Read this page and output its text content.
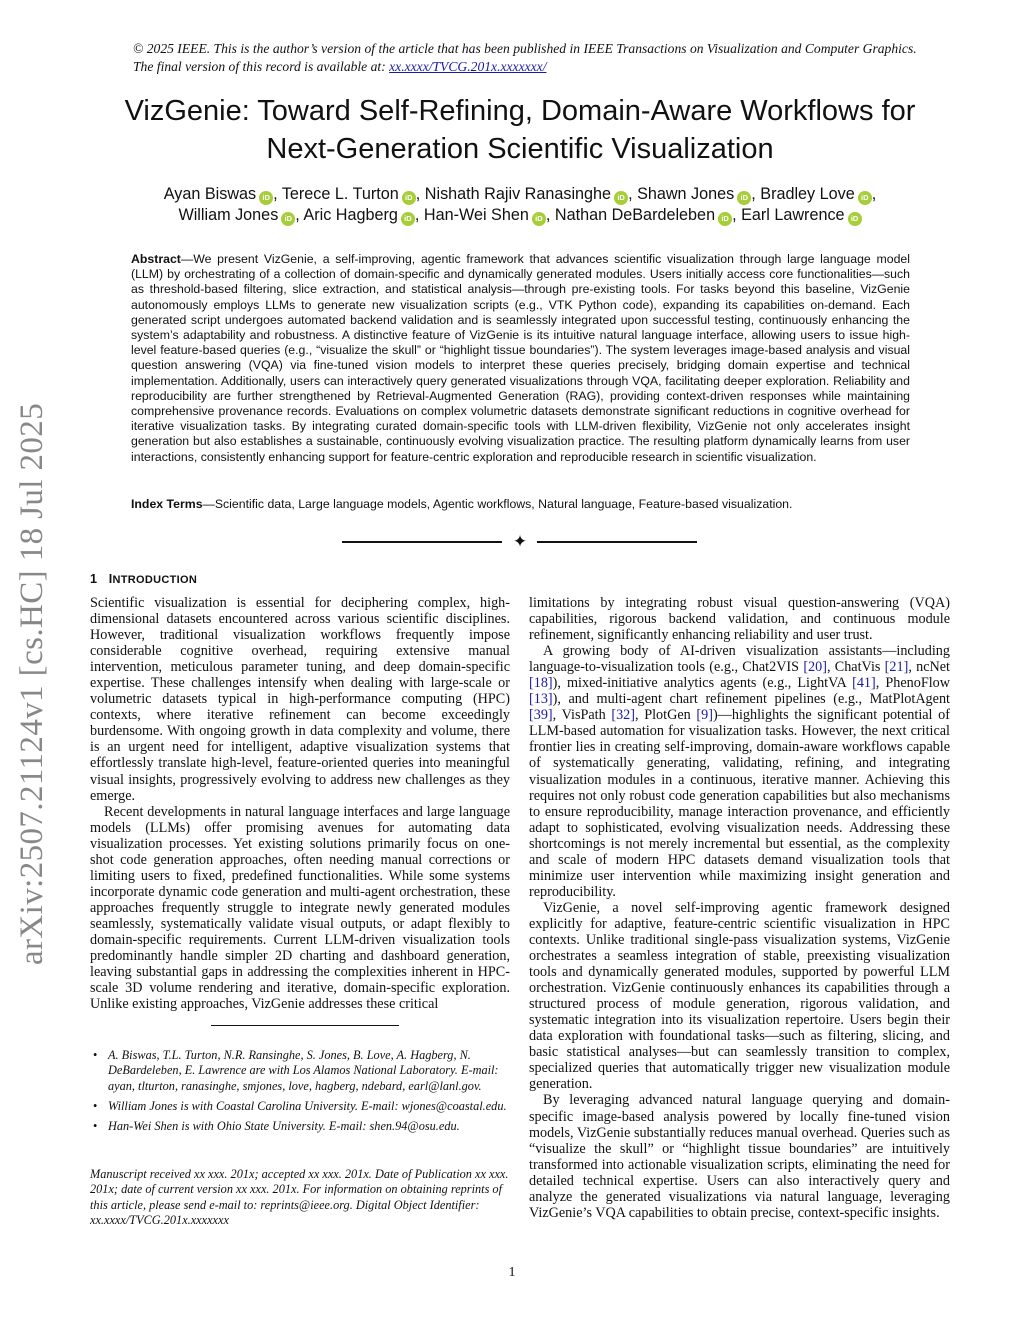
© 2025 IEEE. This is the author’s version of the article that has been published in IEEE Transactions on Visualization and Computer Graphics. The final version of this record is available at: xx.xxxx/TVCG.201x.xxxxxxx/
VizGenie: Toward Self-Refining, Domain-Aware Workflows for
Next-Generation Scientific Visualization
Ayan Biswas iD , Terece L. Turton iD , Nishath Rajiv Ranasinghe iD , Shawn Jones iD , Bradley Love iD ,
William Jones iD , Aric Hagberg iD , Han-Wei Shen iD , Nathan DeBardeleben iD , Earl Lawrence iD
Abstract—We present VizGenie, a self-improving, agentic framework that advances scientific visualization through large language model (LLM) by orchestrating of a collection of domain-specific and dynamically generated modules. Users initially access core functionalities—such as threshold-based filtering, slice extraction, and statistical analysis—through pre-existing tools. For tasks beyond this baseline, VizGenie autonomously employs LLMs to generate new visualization scripts (e.g., VTK Python code), expanding its capabilities on-demand. Each generated script undergoes automated backend validation and is seamlessly integrated upon successful testing, continuously enhancing the system’s adaptability and robustness. A distinctive feature of VizGenie is its intuitive natural language interface, allowing users to issue high-level feature-based queries (e.g., “visualize the skull” or “highlight tissue boundaries”). The system leverages image-based analysis and visual question answering (VQA) via fine-tuned vision models to interpret these queries precisely, bridging domain expertise and technical implementation. Additionally, users can interactively query generated visualizations through VQA, facilitating deeper exploration. Reliability and reproducibility are further strengthened by Retrieval-Augmented Generation (RAG), providing context-driven responses while maintaining comprehensive provenance records. Evaluations on complex volumetric datasets demonstrate significant reductions in cognitive overhead for iterative visualization tasks. By integrating curated domain-specific tools with LLM-driven flexibility, VizGenie not only accelerates insight generation but also establishes a sustainable, continuously evolving visualization practice. The resulting platform dynamically learns from user interactions, consistently enhancing support for feature-centric exploration and reproducible research in scientific visualization.
Index Terms—Scientific data, Large language models, Agentic workflows, Natural language, Feature-based visualization.
✦
arXiv:2507.21124v1 [cs.HC] 18 Jul 2025	1 INTRODUCTION

Scientific visualization is essential for deciphering complex, high-dimensional datasets encountered across various scientific disciplines. However, traditional visualization workflows frequently impose considerable cognitive overhead, requiring extensive manual intervention, meticulous parameter tuning, and deep domain-specific expertise. These challenges intensify when dealing with large-scale or volumetric datasets typical in high-performance computing (HPC) contexts, where iterative refinement can become exceedingly burdensome. With ongoing growth in data complexity and volume, there is an urgent need for intelligent, adaptive visualization systems that effortlessly translate high-level, feature-oriented queries into meaningful visual insights, progressively evolving to address new challenges as they emerge.

Recent developments in natural language interfaces and large language models (LLMs) offer promising avenues for automating data visualization processes. Yet existing solutions primarily focus on one-shot code generation approaches, often needing manual corrections or limiting users to fixed, predefined functionalities. While some systems incorporate dynamic code generation and multi-agent orchestration, these approaches frequently struggle to integrate newly generated modules seamlessly, systematically validate visual outputs, or adapt flexibly to domain-specific requirements. Current LLM-driven visualization tools predominantly handle simpler 2D charting and dashboard generation, leaving substantial gaps in addressing the complexities inherent in HPC-scale 3D volume rendering and iterative, domain-specific exploration. Unlike existing approaches, VizGenie addresses these critical

limitations by integrating robust visual question-answering (VQA) capabilities, rigorous backend validation, and continuous module refinement, significantly enhancing reliability and user trust.

A growing body of AI-driven visualization assistants—including language-to-visualization tools (e.g., Chat2VIS [20], ChatVis [21], ncNet [18]), mixed-initiative analytics agents (e.g., LightVA [41], PhenoFlow [13]), and multi-agent chart refinement pipelines (e.g., MatPlotAgent [39], VisPath [32], PlotGen [9])—highlights the significant potential of LLM-based automation for visualization tasks. However, the next critical frontier lies in creating self-improving, domain-aware workflows capable of systematically generating, validating, refining, and integrating visualization modules in a continuous, iterative manner. Achieving this requires not only robust code generation capabilities but also mechanisms to ensure reproducibility, manage interaction provenance, and efficiently adapt to sophisticated, evolving visualization needs. Addressing these shortcomings is not merely incremental but essential, as the complexity and scale of modern HPC datasets demand visualization tools that minimize user intervention while maximizing insight generation and reproducibility.

VizGenie, a novel self-improving agentic framework designed explicitly for adaptive, feature-centric scientific visualization in HPC contexts. Unlike traditional single-pass visualization systems, VizGenie orchestrates a seamless integration of stable, preexisting visualization tools and dynamically generated modules, supported by powerful LLM orchestration. VizGenie continuously enhances its capabilities through a structured process of module generation, rigorous validation, and systematic integration into its visualization repertoire. Users begin their data exploration with foundational tasks—such as filtering, slicing, and basic statistical analyses—but can seamlessly transition to complex, specialized queries that automatically trigger new visualization module generation.

By leveraging advanced natural language querying and domain-specific image-based analysis powered by locally fine-tuned vision models, VizGenie substantially reduces manual overhead. Queries such as “visualize the skull” or “highlight tissue boundaries” are intuitively transformed into actionable visualization scripts, eliminating the need for detailed technical expertise. Users can also interactively query and analyze the generated visualizations via natural language, leveraging VizGenie’s VQA capabilities to obtain precise, context-specific insights.

• A. Biswas, T.L. Turton, N.R. Ransinghe, S. Jones, B. Love, A. Hagberg, N. DeBardeleben, E. Lawrence are with Los Alamos National Laboratory. E-mail: ayan, tlturton, ranasinghe, smjones, love, hagberg, ndebard, earl@lanl.gov.
• William Jones is with Coastal Carolina University. E-mail: wjones@coastal.edu.
• Han-Wei Shen is with Ohio State University. E-mail: shen.94@osu.edu.
Manuscript received xx xxx. 201x; accepted xx xxx. 201x. Date of Publication xx xxx. 201x; date of current version xx xxx. 201x. For information on obtaining reprints of this article, please send e-mail to: reprints@ieee.org. Digital Object Identifier: xx.xxxx/TVCG.201x.xxxxxxx
1
